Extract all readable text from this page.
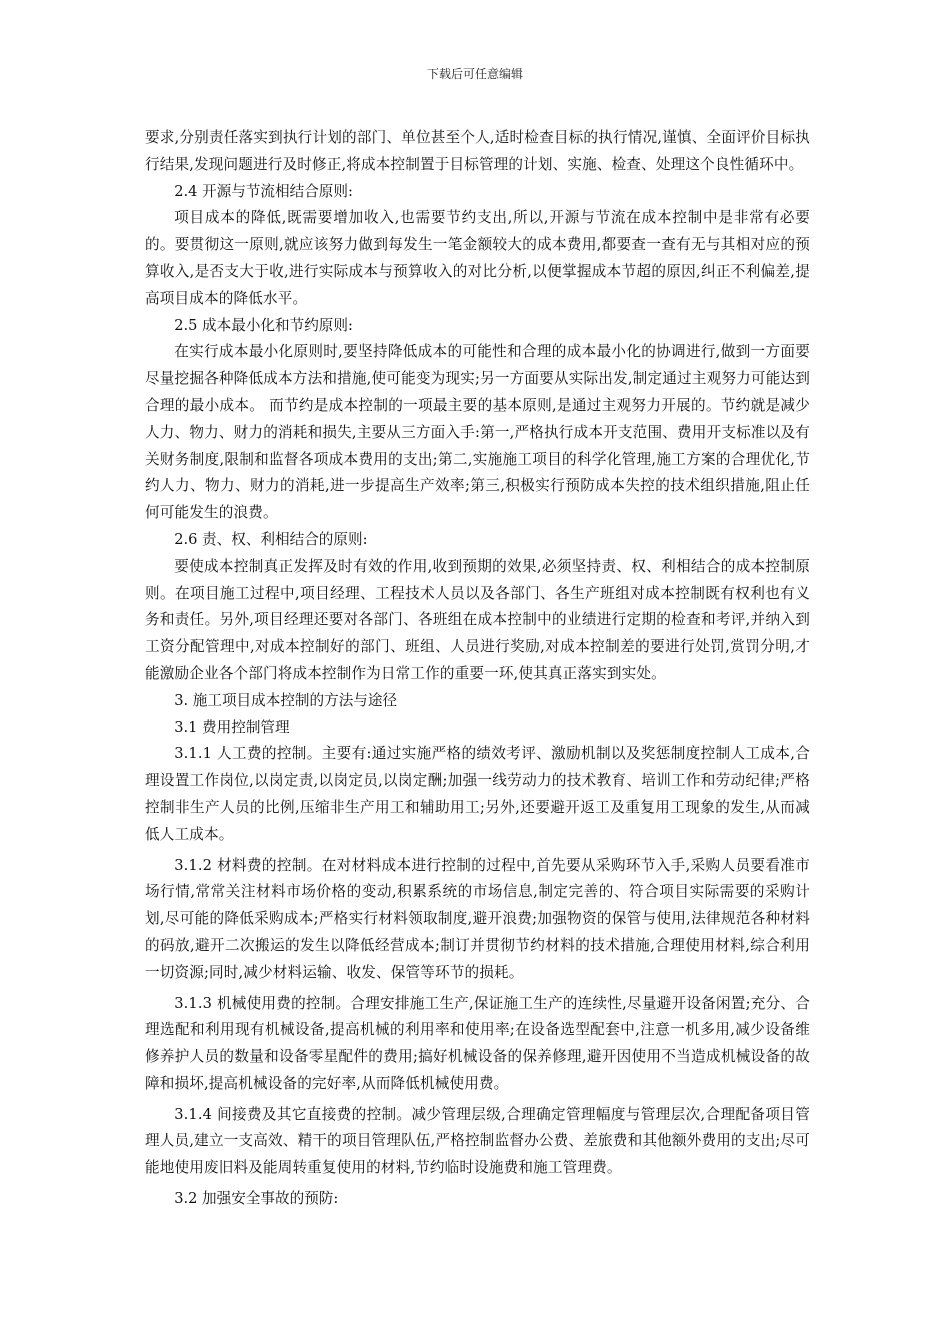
下载后可任意编辑

要求,分别责任落实到执行计划的部门、单位甚至个人,适时检查目标的执行情况,谨慎、全面评价目标执行结果,发现问题进行及时修正,将成本控制置于目标管理的计划、实施、检查、处理这个良性循环中。

2.4 开源与节流相结合原则:

项目成本的降低,既需要增加收入,也需要节约支出,所以,开源与节流在成本控制中是非常有必要的。要贯彻这一原则,就应该努力做到每发生一笔金额较大的成本费用,都要查一查有无与其相对应的预算收入,是否支大于收,进行实际成本与预算收入的对比分析,以便掌握成本节超的原因,纠正不利偏差,提高项目成本的降低水平。

2.5 成本最小化和节约原则:

在实行成本最小化原则时,要坚持降低成本的可能性和合理的成本最小化的协调进行,做到一方面要尽量挖掘各种降低成本方法和措施,使可能变为现实;另一方面要从实际出发,制定通过主观努力可能达到合理的最小成本。 而节约是成本控制的一项最主要的基本原则,是通过主观努力开展的。节约就是减少人力、物力、财力的消耗和损失,主要从三方面入手:第一,严格执行成本开支范围、费用开支标准以及有关财务制度,限制和监督各项成本费用的支出;第二,实施施工项目的科学化管理,施工方案的合理优化,节约人力、物力、财力的消耗,进一步提高生产效率;第三,积极实行预防成本失控的技术组织措施,阻止任何可能发生的浪费。

2.6 责、权、利相结合的原则:

要使成本控制真正发挥及时有效的作用,收到预期的效果,必须坚持责、权、利相结合的成本控制原则。在项目施工过程中,项目经理、工程技术人员以及各部门、各生产班组对成本控制既有权利也有义务和责任。另外,项目经理还要对各部门、各班组在成本控制中的业绩进行定期的检查和考评,并纳入到工资分配管理中,对成本控制好的部门、班组、人员进行奖励,对成本控制差的要进行处罚,赏罚分明,才能激励企业各个部门将成本控制作为日常工作的重要一环,使其真正落实到实处。

3. 施工项目成本控制的方法与途径

3.1 费用控制管理

3.1.1 人工费的控制。主要有:通过实施严格的绩效考评、激励机制以及奖惩制度控制人工成本,合理设置工作岗位,以岗定责,以岗定员,以岗定酬;加强一线劳动力的技术教育、培训工作和劳动纪律;严格控制非生产人员的比例,压缩非生产用工和辅助用工;另外,还要避开返工及重复用工现象的发生,从而减低人工成本。

3.1.2 材料费的控制。在对材料成本进行控制的过程中,首先要从采购环节入手,采购人员要看准市场行情,常常关注材料市场价格的变动,积累系统的市场信息,制定完善的、符合项目实际需要的采购计划,尽可能的降低采购成本;严格实行材料领取制度,避开浪费;加强物资的保管与使用,法律规范各种材料的码放,避开二次搬运的发生以降低经营成本;制订并贯彻节约材料的技术措施,合理使用材料,综合利用一切资源;同时,减少材料运输、收发、保管等环节的损耗。

3.1.3 机械使用费的控制。合理安排施工生产,保证施工生产的连续性,尽量避开设备闲置;充分、合理选配和利用现有机械设备,提高机械的利用率和使用率;在设备选型配套中,注意一机多用,减少设备维修养护人员的数量和设备零星配件的费用;搞好机械设备的保养修理,避开因使用不当造成机械设备的故障和损坏,提高机械设备的完好率,从而降低机械使用费。

3.1.4 间接费及其它直接费的控制。减少管理层级,合理确定管理幅度与管理层次,合理配备项目管理人员,建立一支高效、精干的项目管理队伍,严格控制监督办公费、差旅费和其他额外费用的支出;尽可能地使用废旧料及能周转重复使用的材料,节约临时设施费和施工管理费。

3.2 加强安全事故的预防:
